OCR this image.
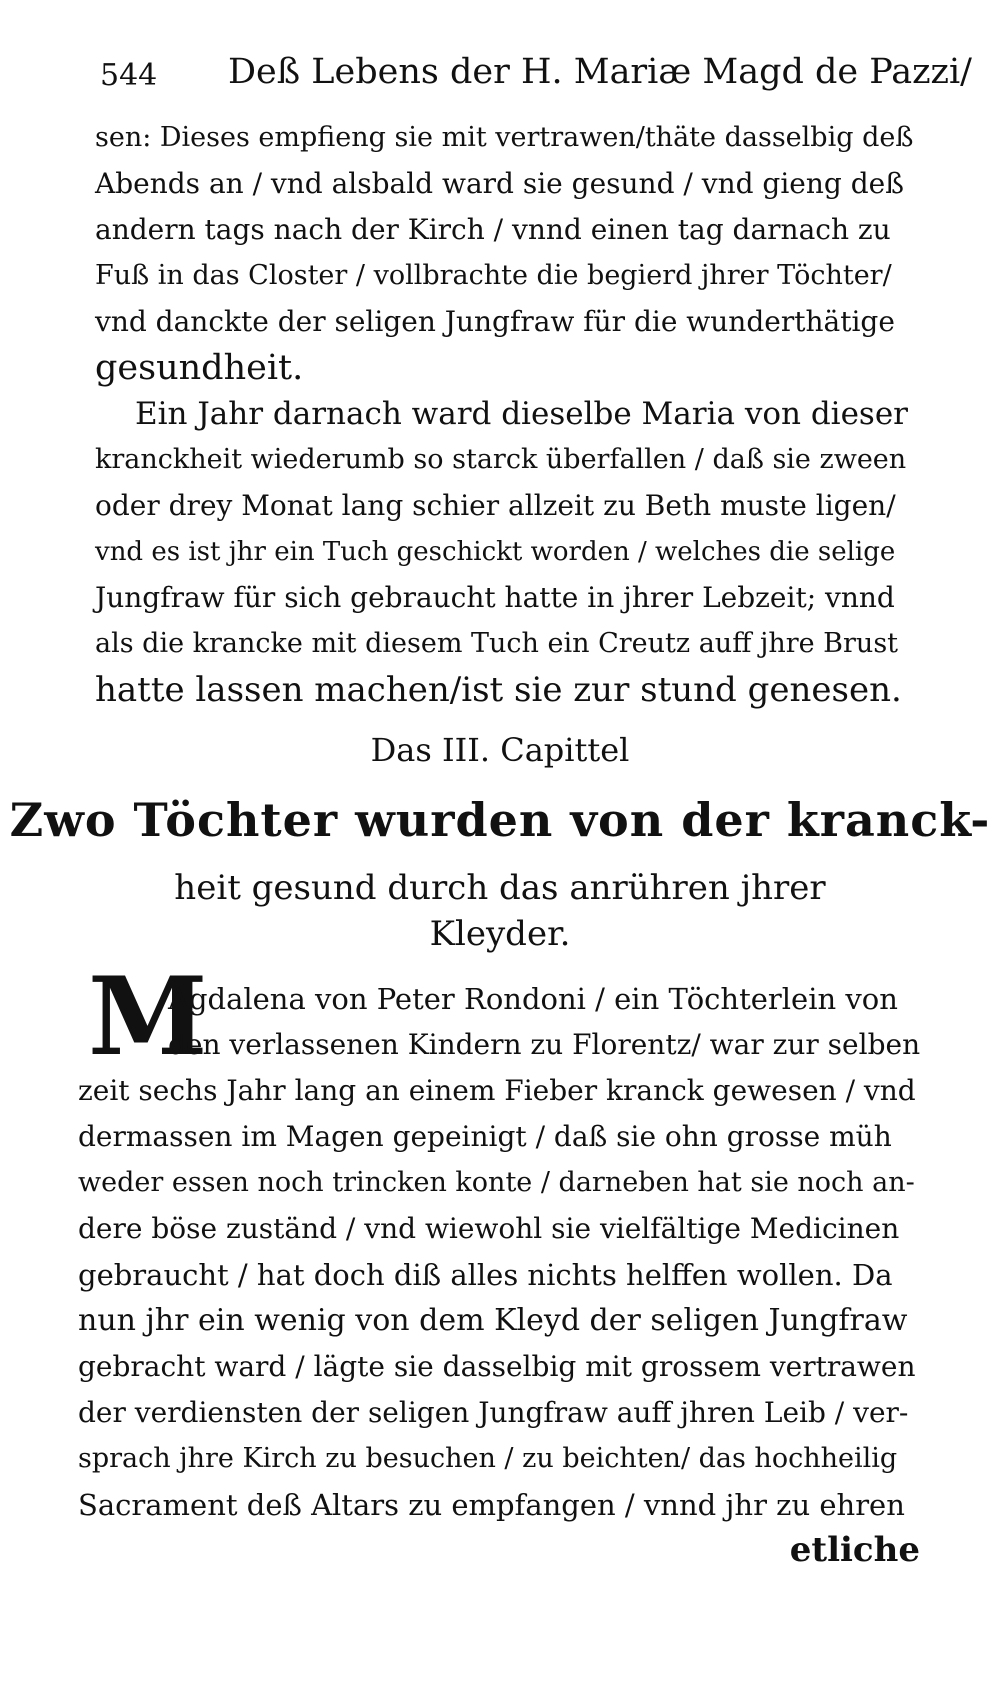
544 Deß Lebens der H. Mariæ Magd de Pazzi/
sen: Dieses empfieng sie mit vertrawen/thäte dasselbig deß
Abends an / vnd alsbald ward sie gesund / vnd gieng deß
andern tags nach der Kirch / vnnd einen tag darnach zu
Fuß in das Closter / vollbrachte die begierd jhrer Töchter/
vnd danckte der seligen Jungfraw für die wunderthätige
gesundheit.
Ein Jahr darnach ward dieselbe Maria von dieser
kranckheit wiederumb so starck überfallen / daß sie zween
oder drey Monat lang schier allzeit zu Beth muste ligen/
vnd es ist jhr ein Tuch geschickt worden / welches die selige
Jungfraw für sich gebraucht hatte in jhrer Lebzeit; vnnd
als die krancke mit diesem Tuch ein Creutz auff jhre Brust
hatte lassen machen/ist sie zur stund genesen.
Das III. Capittel
Zwo Töchter wurden von der kranck-
heit gesund durch das anrühren jhrer
Kleyder.
M
Agdalena von Peter Rondoni / ein Töchterlein von
den verlassenen Kindern zu Florentz/ war zur selben
zeit sechs Jahr lang an einem Fieber kranck gewesen / vnd
dermassen im Magen gepeinigt / daß sie ohn grosse müh
weder essen noch trincken konte / darneben hat sie noch an-
dere böse zuständ / vnd wiewohl sie vielfältige Medicinen
gebraucht / hat doch diß alles nichts helffen wollen. Da
nun jhr ein wenig von dem Kleyd der seligen Jungfraw
gebracht ward / lägte sie dasselbig mit grossem vertrawen
der verdiensten der seligen Jungfraw auff jhren Leib / ver-
sprach jhre Kirch zu besuchen / zu beichten/ das hochheilig
Sacrament deß Altars zu empfangen / vnnd jhr zu ehren
etliche
